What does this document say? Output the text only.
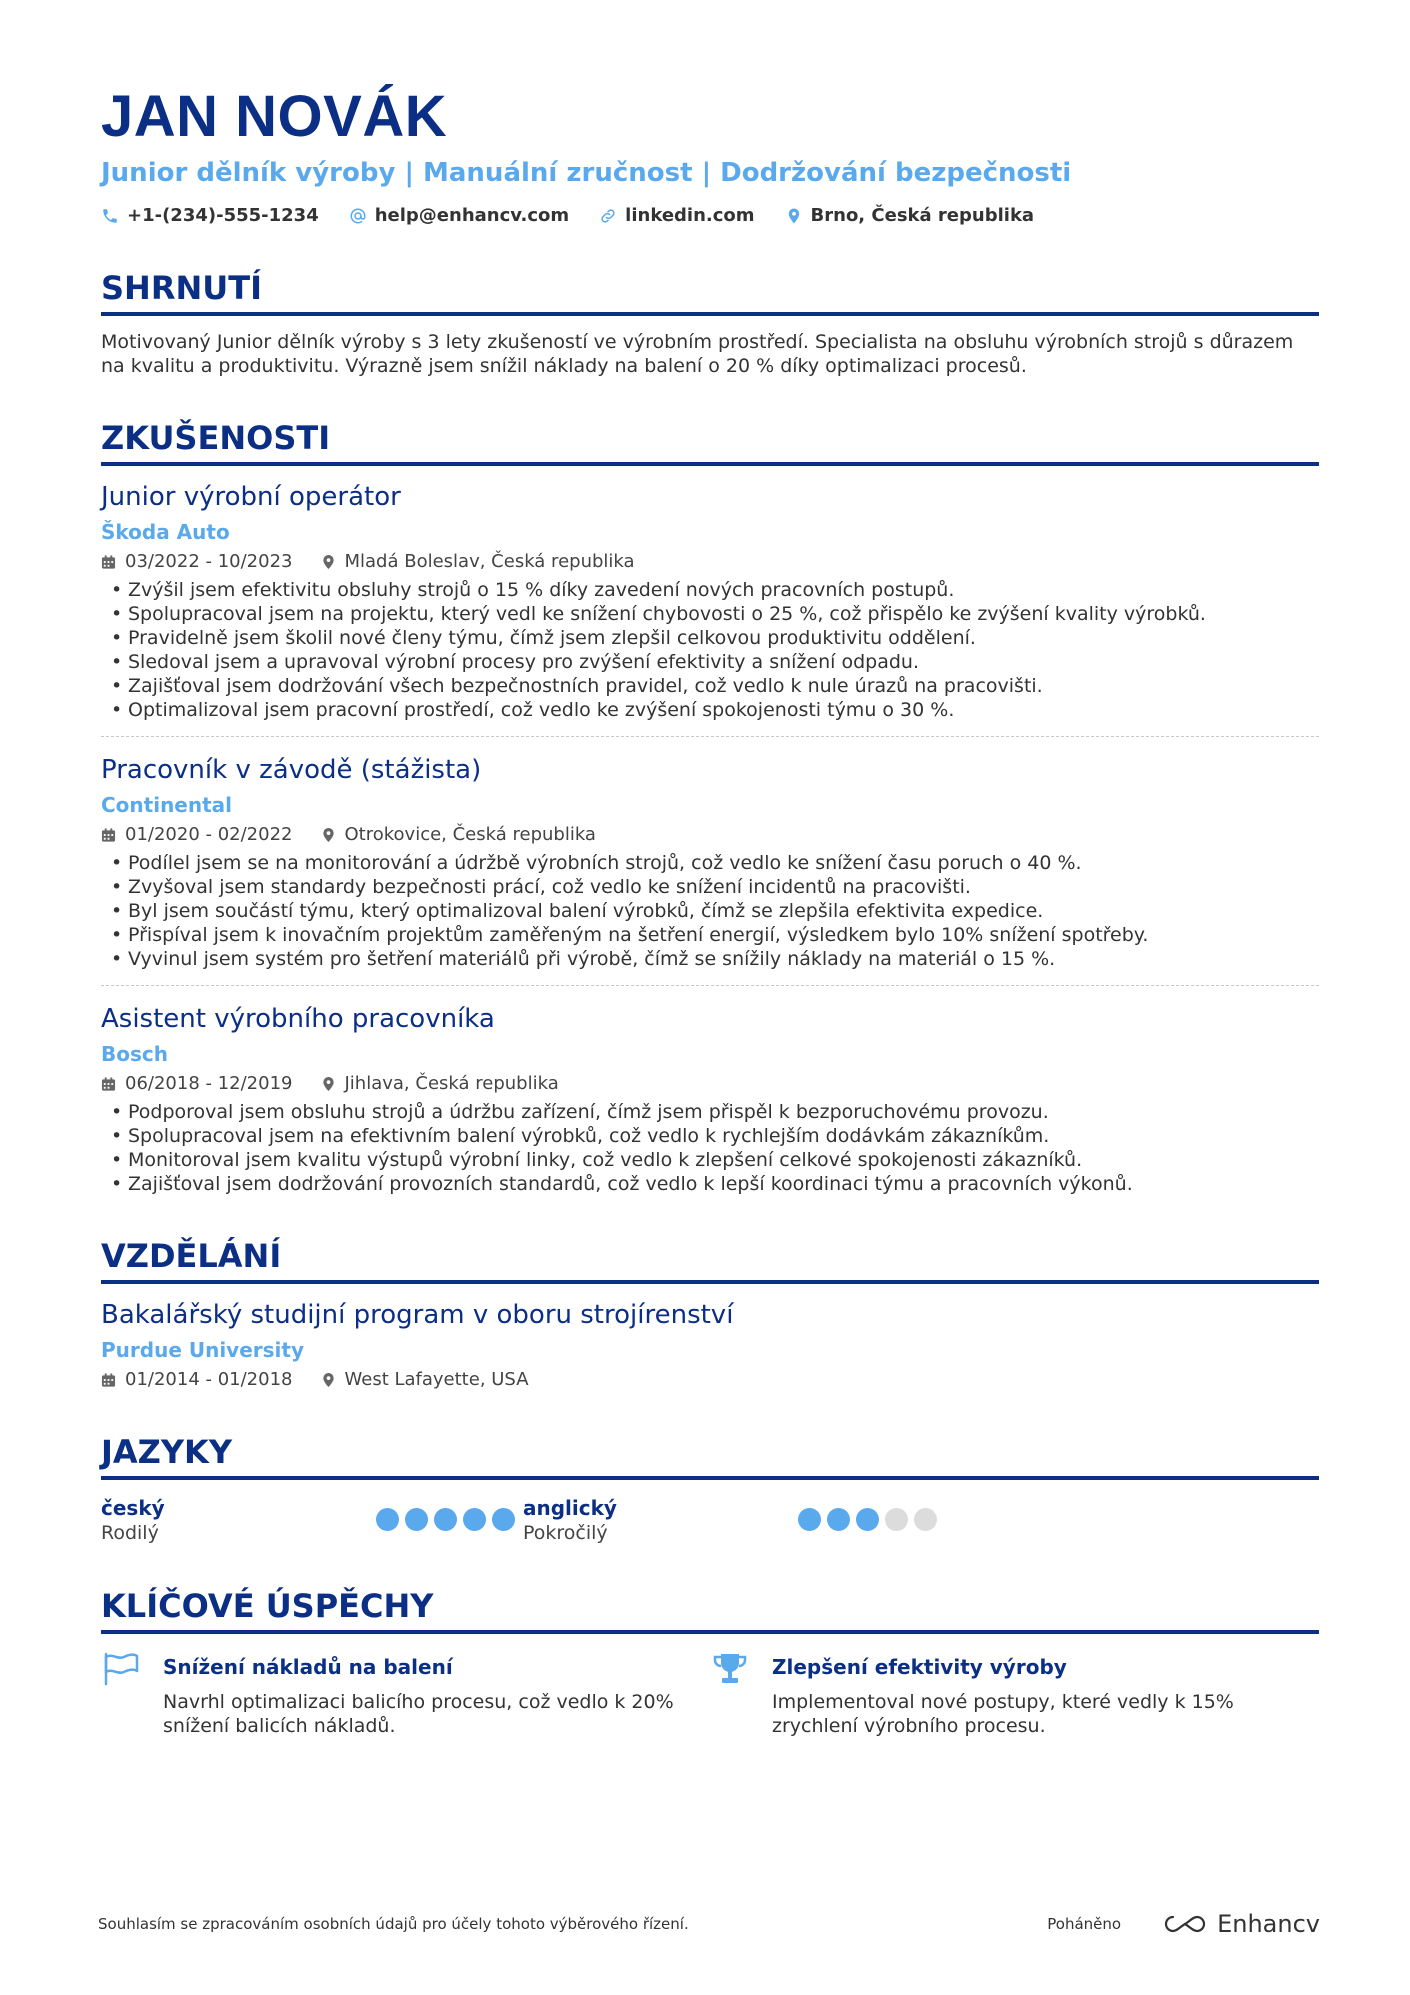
JAN NOVÁK
Junior dělník výroby | Manuální zručnost | Dodržování bezpečnosti
+1-(234)-555-1234	help@enhancv.com	linkedin.com	Brno, Česká republika
SHRNUTÍ
Motivovaný Junior dělník výroby s 3 lety zkušeností ve výrobním prostředí. Specialista na obsluhu výrobních strojů s důrazem na kvalitu a produktivitu. Výrazně jsem snížil náklady na balení o 20 % díky optimalizaci procesů.
ZKUŠENOSTI
Junior výrobní operátor
Škoda Auto
03/2022 - 10/2023	Mladá Boleslav, Česká republika
• Zvýšil jsem efektivitu obsluhy strojů o 15 % díky zavedení nových pracovních postupů.
• Spolupracoval jsem na projektu, který vedl ke snížení chybovosti o 25 %, což přispělo ke zvýšení kvality výrobků.
• Pravidelně jsem školil nové členy týmu, čímž jsem zlepšil celkovou produktivitu oddělení.
• Sledoval jsem a upravoval výrobní procesy pro zvýšení efektivity a snížení odpadu.
• Zajišťoval jsem dodržování všech bezpečnostních pravidel, což vedlo k nule úrazů na pracovišti.
• Optimalizoval jsem pracovní prostředí, což vedlo ke zvýšení spokojenosti týmu o 30 %.
Pracovník v závodě (stážista)
Continental
01/2020 - 02/2022	Otrokovice, Česká republika
• Podílel jsem se na monitorování a údržbě výrobních strojů, což vedlo ke snížení času poruch o 40 %.
• Zvyšoval jsem standardy bezpečnosti prácí, což vedlo ke snížení incidentů na pracovišti.
• Byl jsem součástí týmu, který optimalizoval balení výrobků, čímž se zlepšila efektivita expedice.
• Přispíval jsem k inovačním projektům zaměřeným na šetření energií, výsledkem bylo 10% snížení spotřeby.
• Vyvinul jsem systém pro šetření materiálů při výrobě, čímž se snížily náklady na materiál o 15 %.
Asistent výrobního pracovníka
Bosch
06/2018 - 12/2019	Jihlava, Česká republika
• Podporoval jsem obsluhu strojů a údržbu zařízení, čímž jsem přispěl k bezporuchovému provozu.
• Spolupracoval jsem na efektivním balení výrobků, což vedlo k rychlejším dodávkám zákazníkům.
• Monitoroval jsem kvalitu výstupů výrobní linky, což vedlo k zlepšení celkové spokojenosti zákazníků.
• Zajišťoval jsem dodržování provozních standardů, což vedlo k lepší koordinaci týmu a pracovních výkonů.
VZDĚLÁNÍ
Bakalářský studijní program v oboru strojírenství
Purdue University
01/2014 - 01/2018	West Lafayette, USA
JAZYKY
český
Rodilý
anglický
Pokročilý
KLÍČOVÉ ÚSPĚCHY
Snížení nákladů na balení
Navrhl optimalizaci balicího procesu, což vedlo k 20% snížení balicích nákladů.
Zlepšení efektivity výroby
Implementoval nové postupy, které vedly k 15% zrychlení výrobního procesu.
Souhlasím se zpracováním osobních údajů pro účely tohoto výběrového řízení.	Poháněno	Enhancv
